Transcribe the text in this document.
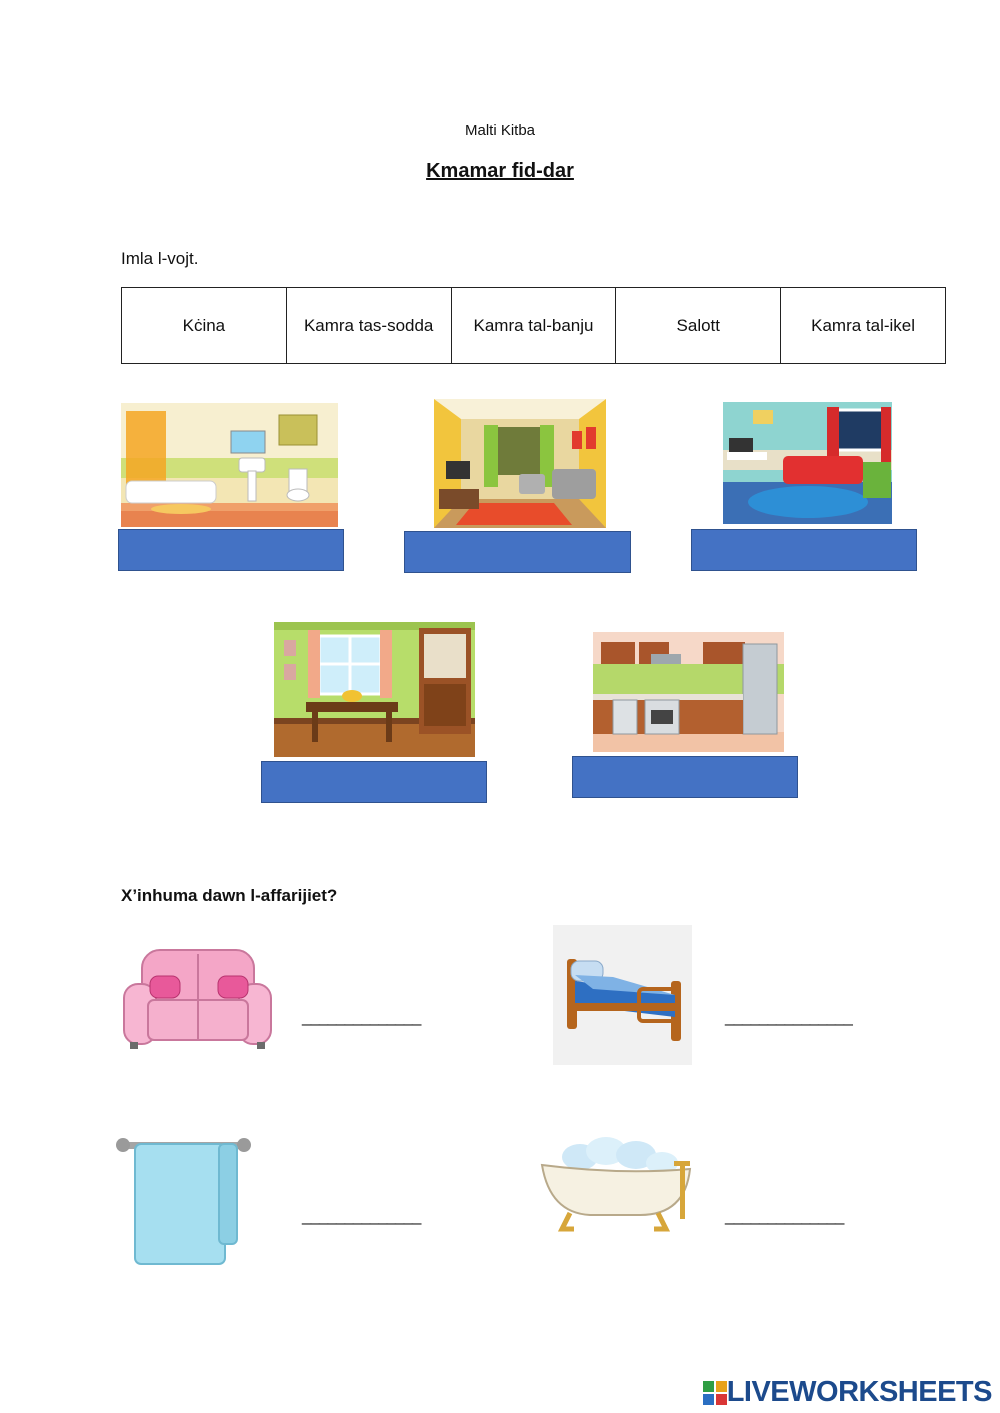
Malti Kitba
Kmamar fid-dar
Imla l-vojt.
Kċina	Kamra tas-sodda	Kamra tal-banju	Salott	Kamra tal-ikel
X’inhuma dawn l-affarijiet?
______________	_______________
______________	______________
LIVEWORKSHEETS
